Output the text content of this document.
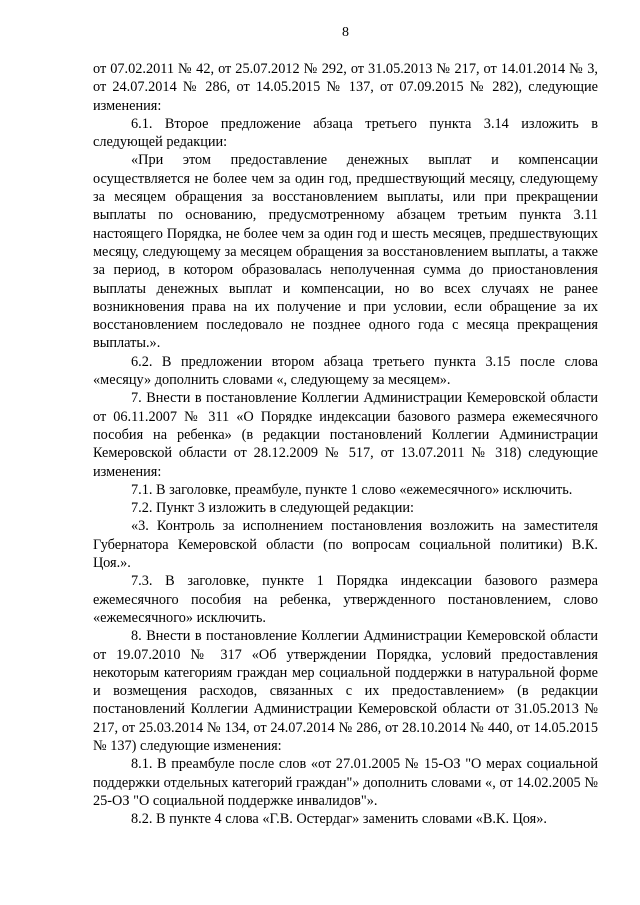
8

от 07.02.2011 № 42, от 25.07.2012 № 292, от 31.05.2013 № 217, от 14.01.2014 № 3, от 24.07.2014 № 286, от 14.05.2015 № 137, от 07.09.2015 № 282), следующие изменения:

6.1. Второе предложение абзаца третьего пункта 3.14 изложить в следующей редакции:

«При этом предоставление денежных выплат и компенсации осуществляется не более чем за один год, предшествующий месяцу, следующему за месяцем обращения за восстановлением выплаты, или при прекращении выплаты по основанию, предусмотренному абзацем третьим пункта 3.11 настоящего Порядка, не более чем за один год и шесть месяцев, предшествующих месяцу, следующему за месяцем обращения за восстановлением выплаты, а также за период, в котором образовалась неполученная сумма до приостановления выплаты денежных выплат и компенсации, но во всех случаях не ранее возникновения права на их получение и при условии, если обращение за их восстановлением последовало не позднее одного года с месяца прекращения выплаты.».

6.2. В предложении втором абзаца третьего пункта 3.15 после слова «месяцу» дополнить словами «, следующему за месяцем».

7. Внести в постановление Коллегии Администрации Кемеровской области от 06.11.2007 № 311 «О Порядке индексации базового размера ежемесячного пособия на ребенка» (в редакции постановлений Коллегии Администрации Кемеровской области от 28.12.2009 № 517, от 13.07.2011 № 318) следующие изменения:

7.1. В заголовке, преамбуле, пункте 1 слово «ежемесячного» исключить.

7.2. Пункт 3 изложить в следующей редакции:

«3. Контроль за исполнением постановления возложить на заместителя Губернатора Кемеровской области (по вопросам социальной политики) В.К. Цоя.».

7.3. В заголовке, пункте 1 Порядка индексации базового размера ежемесячного пособия на ребенка, утвержденного постановлением, слово «ежемесячного» исключить.

8. Внести в постановление Коллегии Администрации Кемеровской области от 19.07.2010 № 317 «Об утверждении Порядка, условий предоставления некоторым категориям граждан мер социальной поддержки в натуральной форме и возмещения расходов, связанных с их предоставлением» (в редакции постановлений Коллегии Администрации Кемеровской области от 31.05.2013 № 217, от 25.03.2014 № 134, от 24.07.2014 № 286, от 28.10.2014 № 440, от 14.05.2015 № 137) следующие изменения:

8.1. В преамбуле после слов «от 27.01.2005 № 15-ОЗ "О мерах социальной поддержки отдельных категорий граждан"» дополнить словами «, от 14.02.2005 № 25-ОЗ "О социальной поддержке инвалидов"».

8.2. В пункте 4 слова «Г.В. Остердаг» заменить словами «В.К. Цоя».
